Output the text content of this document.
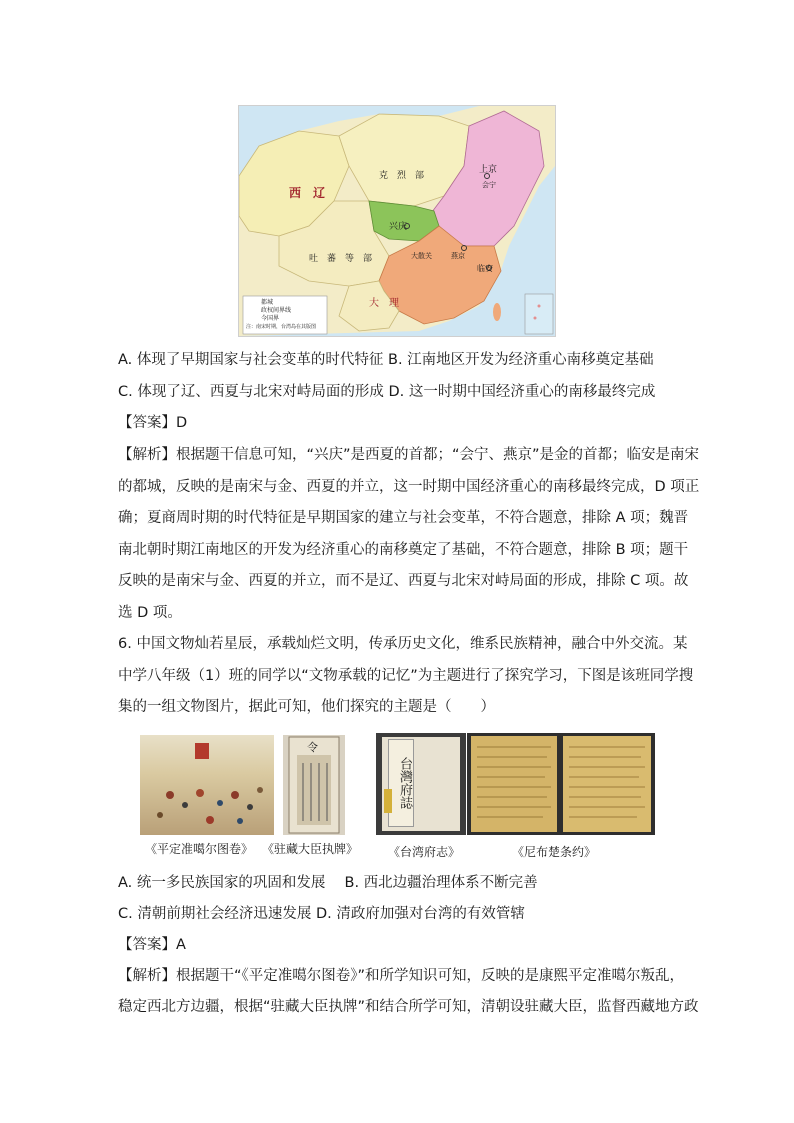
西　辽
克　烈　部
吐　蕃　等　部
大　理
兴庆
上京
会宁
燕京
大散关
临安
都城
政权间界线
今国界
注：南宋时期，台湾岛在其版图
A. 体现了早期国家与社会变革的时代特征 B. 江南地区开发为经济重心南移奠定基础
C. 体现了辽、西夏与北宋对峙局面的形成 D. 这一时期中国经济重心的南移最终完成
【答案】D
【解析】根据题干信息可知，“兴庆”是西夏的首都；“会宁、燕京”是金的首都；临安是南宋
的都城，反映的是南宋与金、西夏的并立，这一时期中国经济重心的南移最终完成，D 项正
确；夏商周时期的时代特征是早期国家的建立与社会变革，不符合题意，排除 A 项；魏晋
南北朝时期江南地区的开发为经济重心的南移奠定了基础，不符合题意，排除 B 项；题干
反映的是南宋与金、西夏的并立，而不是辽、西夏与北宋对峙局面的形成，排除 C 项。故
选 D 项。
6. 中国文物灿若星辰，承载灿烂文明，传承历史文化，维系民族精神，融合中外交流。某
中学八年级（1）班的同学以“文物承载的记忆”为主题进行了探究学习，下图是该班同学搜
集的一组文物图片，据此可知，他们探究的主题是（　　）
令
台灣府誌
《平定准噶尔图卷》 《驻藏大臣执牌》 《台湾府志》	《尼布楚条约》
A. 统一多民族国家的巩固和发展　 B. 西北边疆治理体系不断完善
C. 清朝前期社会经济迅速发展 D. 清政府加强对台湾的有效管辖
【答案】A
【解析】根据题干“《平定准噶尔图卷》”和所学知识可知，反映的是康熙平定准噶尔叛乱，
稳定西北方边疆，根据“驻藏大臣执牌”和结合所学可知，清朝设驻藏大臣，监督西藏地方政
